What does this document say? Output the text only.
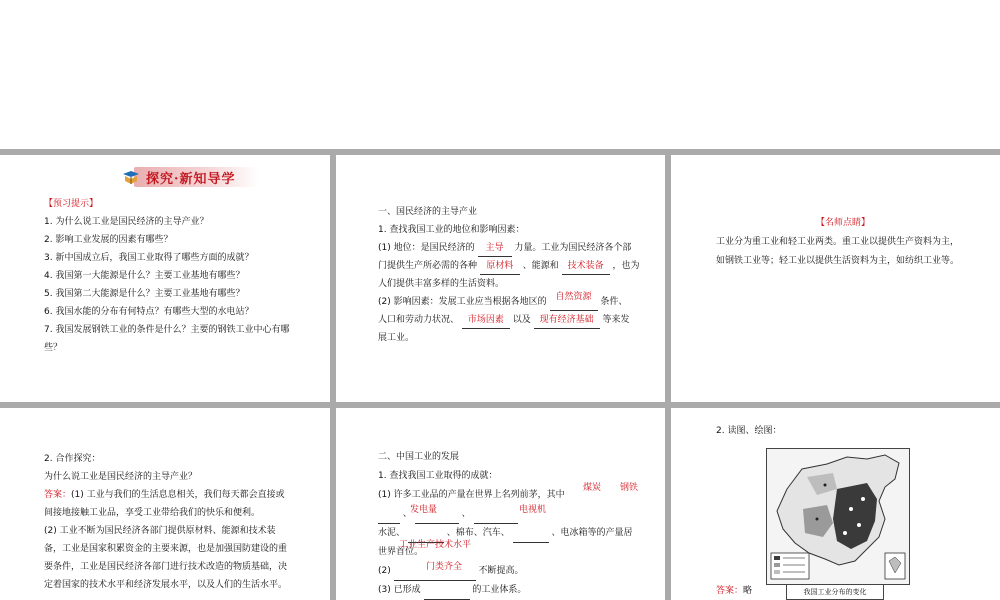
探究·新知导学

【预习提示】

1. 为什么说工业是国民经济的主导产业？

2. 影响工业发展的因素有哪些？

3. 新中国成立后，我国工业取得了哪些方面的成就？

4. 我国第一大能源是什么？主要工业基地有哪些？

5. 我国第二大能源是什么？主要工业基地有哪些？

6. 我国水能的分布有何特点？有哪些大型的水电站？

7. 我国发展钢铁工业的条件是什么？主要的钢铁工业中心有哪

些？

一、国民经济的主导产业

1. 查找我国工业的地位和影响因素：

(1) 地位：是国民经济的	主导	力量。工业为国民经济各个部

门提供生产所必需的各种	原材料	、能源和 技术装备 ，也为

人们提供丰富多样的生活资料。

(2) 影响因素：发展工业应当根据各地区的 自然资源 条件、

人口和劳动力状况、 市场因素 以及 现有经济基础 等来发

展工业。

【名师点睛】

工业分为重工业和轻工业两类。重工业以提供生产资料为主，

如钢铁工业等；轻工业以提供生活资料为主，如纺织工业等。

2. 合作探究：

为什么说工业是国民经济的主导产业？

答案：(1) 工业与我们的生活息息相关，我们每天都会直接或

间接地接触工业品，享受工业带给我们的快乐和便利。

(2) 工业不断为国民经济各部门提供原材料、能源和技术装

备，工业是国家积累资金的主要来源，也是加强国防建设的重

要条件，工业是国民经济各部门进行技术改造的物质基础，决

定着国家的技术水平和经济发展水平，以及人们的生活水平。

二、中国工业的发展

1. 查找我国工业取得的成就：

(1) 许多工业品的产量在世界上名列前茅，其中

、	、

水泥、	、棉布、汽车、	、电冰箱等的产量居

世界首位。

(2)	不断提高。

(3) 已形成	的工业体系。

煤炭 钢铁
发电量	电视机
工业生产技术水平
门类齐全

2. 读图、绘图：

答案：略	我国工业分布的变化
